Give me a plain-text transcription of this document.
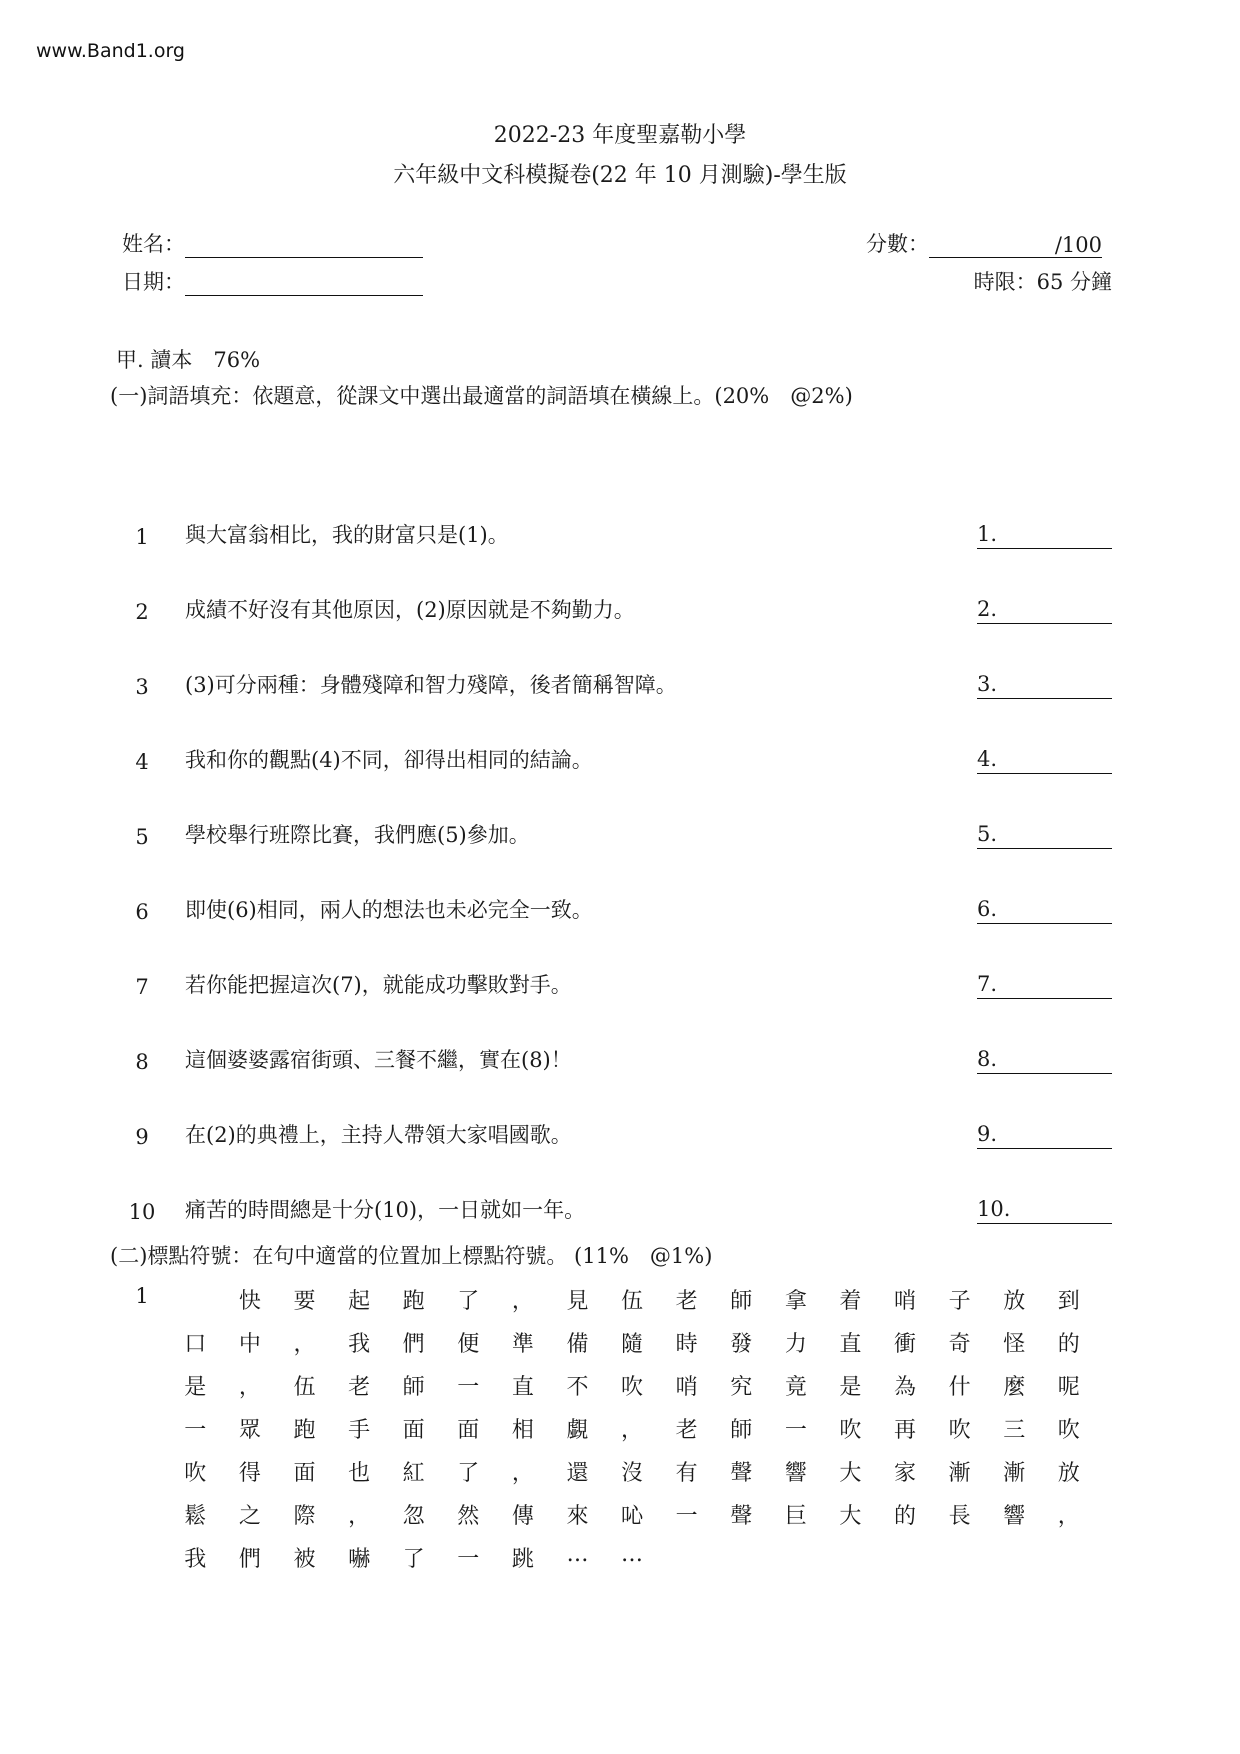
www.Band1.org
2022-23 年度聖嘉勒小學
六年級中文科模擬卷(22 年 10 月測驗)-學生版
姓名：
日期：
分數：	/100
時限：65 分鐘
甲. 讀本　76%
(一)詞語填充：依題意，從課文中選出最適當的詞語填在橫線上。(20%　@2%)
1	與大富翁相比，我的財富只是(1)。	1.
2	成績不好沒有其他原因，(2)原因就是不夠勤力。	2.
3	(3)可分兩種：身體殘障和智力殘障，後者簡稱智障。	3.
4	我和你的觀點(4)不同，卻得出相同的結論。	4.
5	學校舉行班際比賽，我們應(5)參加。	5.
6	即使(6)相同，兩人的想法也未必完全一致。	6.
7	若你能把握這次(7)，就能成功擊敗對手。	7.
8	這個婆婆露宿街頭、三餐不繼，實在(8)！	8.
9	在(2)的典禮上，主持人帶領大家唱國歌。	9.
10	痛苦的時間總是十分(10)，一日就如一年。	10.
(二)標點符號：在句中適當的位置加上標點符號。 (11%　@1%)
1	快	要	起	跑	了	，	見	伍	老	師	拿	着	哨	子	放	到
口	中	，	我	們	便	準	備	隨	時	發	力	直	衝	奇	怪	的
是	，	伍	老	師	一	直	不	吹	哨	究	竟	是	為	什	麼	呢
一	眾	跑	手	面	面	相	覷	，	老	師	一	吹	再	吹	三	吹
吹	得	面	也	紅	了	，	還	沒	有	聲	響	大	家	漸	漸	放
鬆	之	際	，	忽	然	傳	來	吣	一	聲	巨	大	的	長	響	，
我	們	被	嚇	了	一	跳	…	…
